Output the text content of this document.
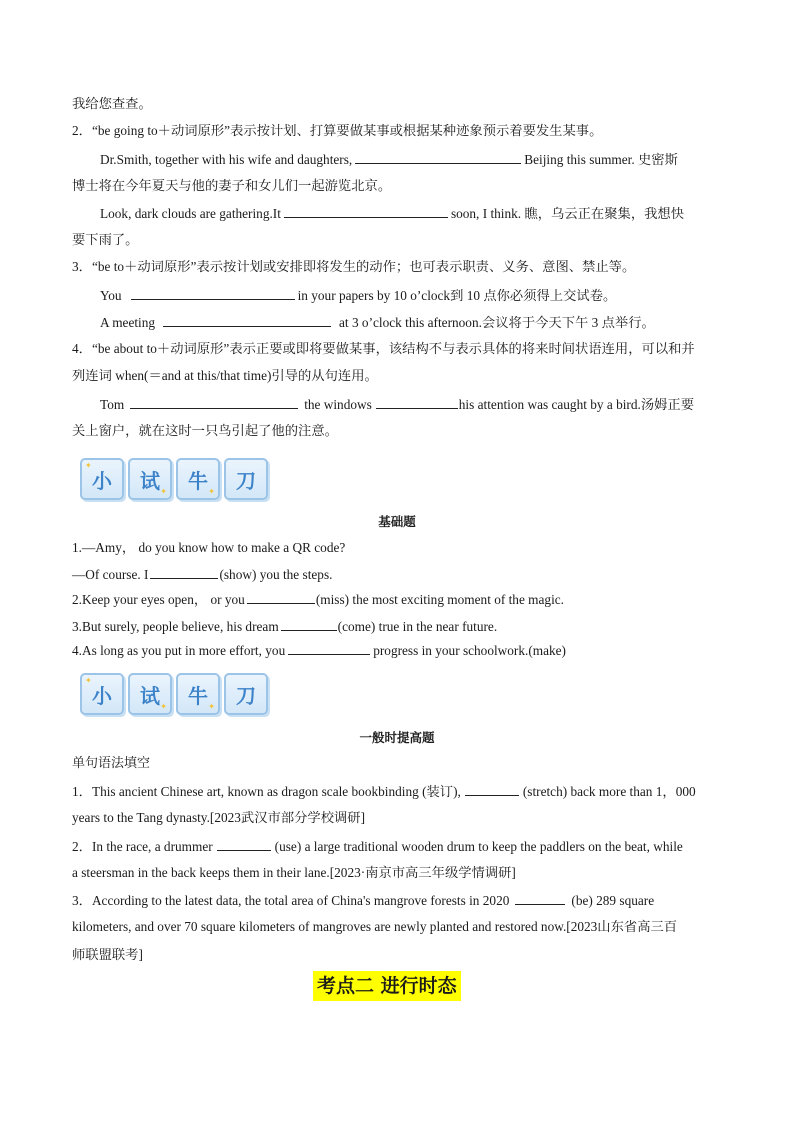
我给您查查。
2．“be going to＋动词原形”表示按计划、打算要做某事或根据某种迹象预示着要发生某事。
Dr.Smith, together with his wife and daughters,	Beijing this summer. 史密斯
博士将在今年夏天与他的妻子和女儿们一起游览北京。
Look, dark clouds are gathering.It	soon, I think. 瞧，乌云正在聚集，我想快
要下雨了。
3．“be to＋动词原形”表示按计划或安排即将发生的动作；也可表示职责、义务、意图、禁止等。
You	in your papers by 10 o’clock到 10 点你必须得上交试卷。
A meeting	at 3 o’clock this afternoon.会议将于今天下午 3 点举行。
4．“be about to＋动词原形”表示正要或即将要做某事，该结构不与表示具体的将来时间状语连用，可以和并
列连词 when(＝and at this/that time)引导的从句连用。
Tom	the windows	his attention was caught by a bird.汤姆正要
关上窗户，就在这时一只鸟引起了他的注意。
✦
小 试 ✦ 牛 ✦ 刀
基础题
1.—Amy， do you know how to make a QR code?
—Of course. I	(show) you the steps.
2.Keep your eyes open， or you	(miss) the most exciting moment of the magic.
3.But surely, people believe, his dream	(come) true in the near future.
4.As long as you put in more effort, you	progress in your schoolwork.(make)
✦
小 试 ✦ 牛 ✦ 刀
一般时提高题
单句语法填空
1．This ancient Chinese art, known as dragon scale bookbinding (装订),	(stretch) back more than 1，000
years to the Tang dynasty.[2023武汉市部分学校调研]
2．In the race, a drummer	(use) a large traditional wooden drum to keep the paddlers on the beat, while
a steersman in the back keeps them in their lane.[2023·南京市高三年级学情调研]
3．According to the latest data, the total area of China's mangrove forests in 2020	(be) 289 square
kilometers, and over 70 square kilometers of mangroves are newly planted and restored now.[2023山东省高三百
师联盟联考]
考点二 进行时态
